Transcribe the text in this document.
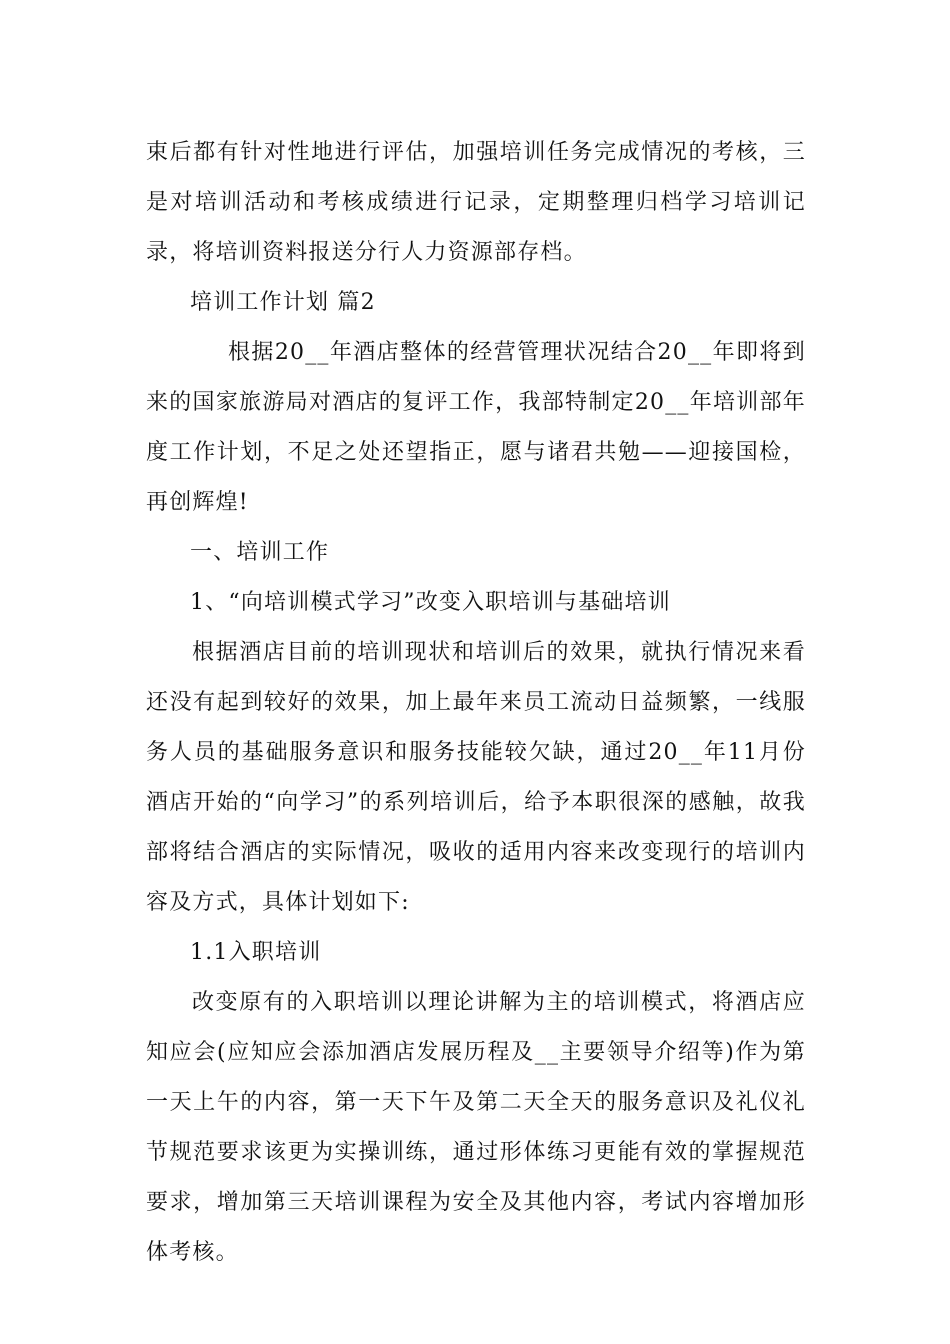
束后都有针对性地进行评估，加强培训任务完成情况的考核，三是对培训活动和考核成绩进行记录，定期整理归档学习培训记录，将培训资料报送分行人力资源部存档。

培训工作计划 篇2

根据20__年酒店整体的经营管理状况结合20__年即将到来的国家旅游局对酒店的复评工作，我部特制定20__年培训部年度工作计划，不足之处还望指正，愿与诸君共勉——迎接国检，再创辉煌!

一、培训工作

1、“向培训模式学习”改变入职培训与基础培训

根据酒店目前的培训现状和培训后的效果，就执行情况来看还没有起到较好的效果，加上最年来员工流动日益频繁，一线服务人员的基础服务意识和服务技能较欠缺，通过20__年11月份酒店开始的“向学习”的系列培训后，给予本职很深的感触，故我部将结合酒店的实际情况，吸收的适用内容来改变现行的培训内容及方式，具体计划如下:

1.1入职培训

改变原有的入职培训以理论讲解为主的培训模式，将酒店应知应会(应知应会添加酒店发展历程及__主要领导介绍等)作为第一天上午的内容，第一天下午及第二天全天的服务意识及礼仪礼节规范要求该更为实操训练，通过形体练习更能有效的掌握规范要求，增加第三天培训课程为安全及其他内容，考试内容增加形体考核。
